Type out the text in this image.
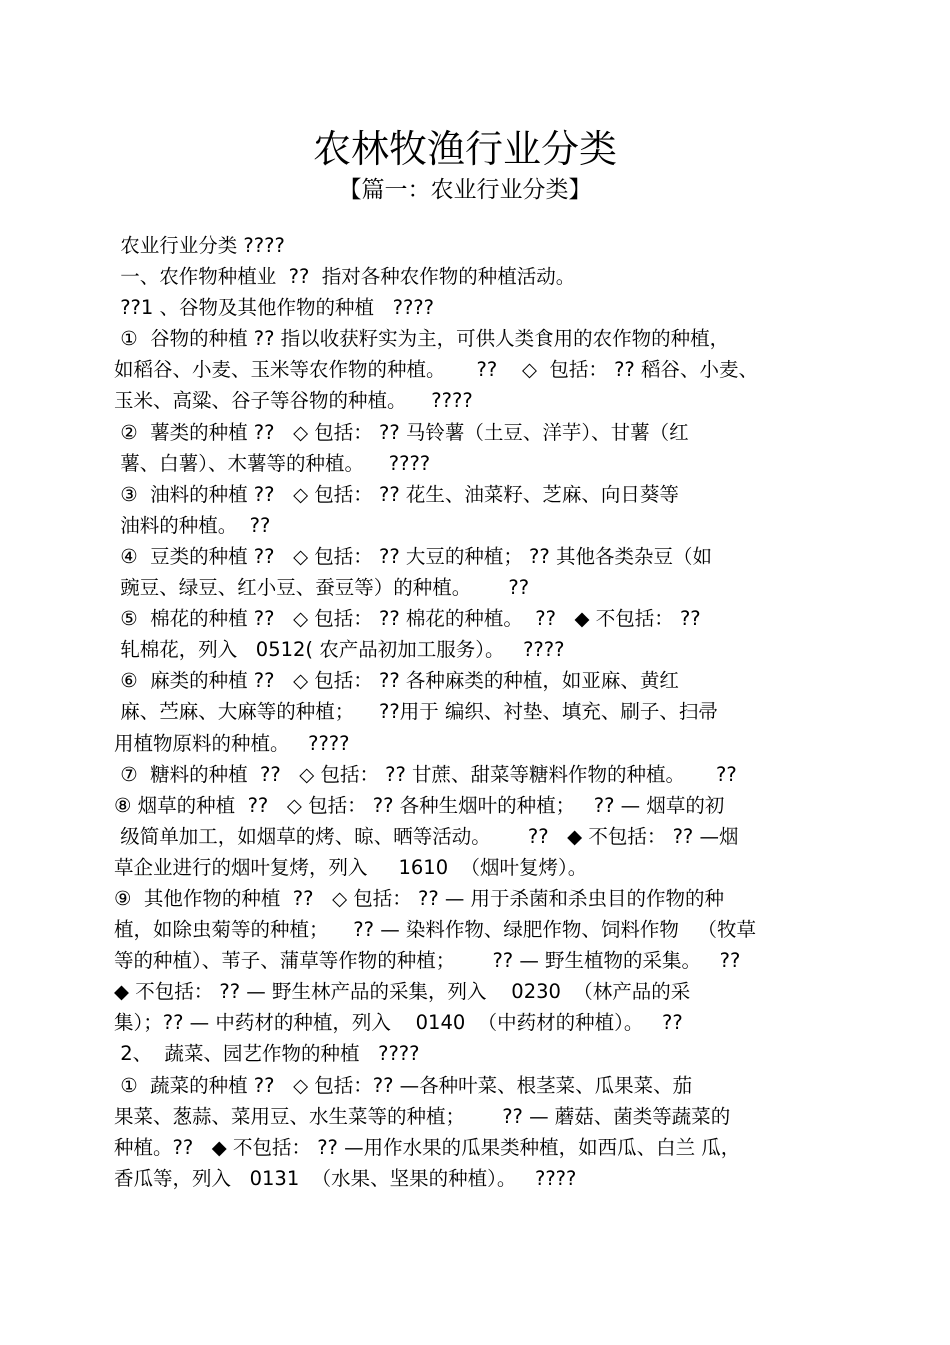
农林牧渔行业分类
【篇一：农业行业分类】
农业行业分类 ????
一、农作物种植业  ??  指对各种农作物的种植活动。
??1 、谷物及其他作物的种植   ????
①  谷物的种植 ?? 指以收获籽实为主，可供人类食用的农作物的种植，
如稻谷、小麦、玉米等农作物的种植。     ??    ◇  包括： ?? 稻谷、小麦、
玉米、高粱、谷子等谷物的种植。    ????
②  薯类的种植 ??   ◇ 包括： ?? 马铃薯（土豆、洋芋）、甘薯（红
薯、白薯）、木薯等的种植。    ????
③  油料的种植 ??   ◇ 包括： ?? 花生、油菜籽、芝麻、向日葵等
油料的种植。  ??
④  豆类的种植 ??   ◇ 包括： ?? 大豆的种植； ?? 其他各类杂豆（如
豌豆、绿豆、红小豆、蚕豆等）的种植。      ??
⑤  棉花的种植 ??   ◇ 包括： ?? 棉花的种植。  ??   ◆ 不包括： ??
轧棉花，列入   0512( 农产品初加工服务）。   ????
⑥  麻类的种植 ??   ◇ 包括： ?? 各种麻类的种植，如亚麻、黄红
麻、苎麻、大麻等的种植；    ??用于 编织、衬垫、填充、刷子、扫帚
用植物原料的种植。   ????
⑦  糖料的种植  ??   ◇ 包括： ?? 甘蔗、甜菜等糖料作物的种植。     ??
⑧ 烟草的种植  ??   ◇ 包括： ?? 各种生烟叶的种植；   ?? — 烟草的初
级简单加工，如烟草的烤、晾、晒等活动。      ??   ◆ 不包括： ?? —烟
草企业进行的烟叶复烤，列入     1610  （烟叶复烤）。
⑨  其他作物的种植  ??   ◇ 包括： ?? — 用于杀菌和杀虫目的作物的种
植，如除虫菊等的种植；    ?? — 染料作物、绿肥作物、饲料作物   （牧草
等的种植）、苇子、蒲草等作物的种植；      ?? — 野生植物的采集。   ??
◆ 不包括： ?? — 野生林产品的采集，列入    0230  （林产品的采
集）；?? — 中药材的种植，列入    0140  （中药材的种植）。   ??
2、  蔬菜、园艺作物的种植   ????
①  蔬菜的种植 ??   ◇ 包括：?? —各种叶菜、根茎菜、瓜果菜、茄
果菜、葱蒜、菜用豆、水生菜等的种植；      ?? — 蘑菇、菌类等蔬菜的
种植。??   ◆ 不包括： ?? —用作水果的瓜果类种植，如西瓜、白兰 瓜，
香瓜等，列入   0131  （水果、坚果的种植）。   ????
